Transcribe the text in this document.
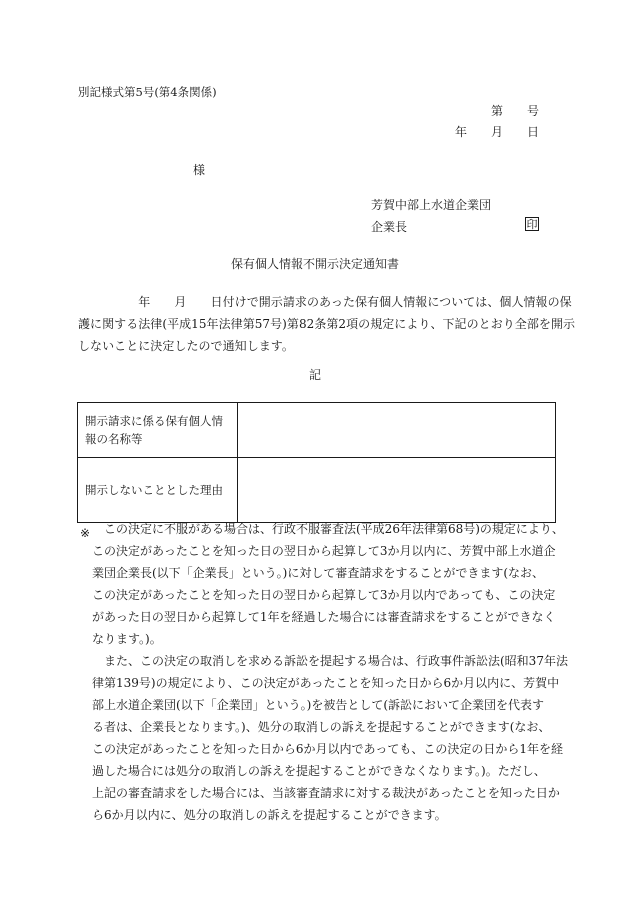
別記様式第5号(第4条関係)
第　　号
年　　月　　日
様
芳賀中部上水道企業団
企業長	印
保有個人情報不開示決定通知書
　　　　　年　　月　　日付けで開示請求のあった保有個人情報については、個人情報の保
護に関する法律(平成15年法律第57号)第82条第2項の規定により、下記のとおり全部を開示
しないことに決定したので通知します。
記
開示請求に係る保有個人情
報の名称等	

開示しないこととした理由	
※	この決定に不服がある場合は、行政不服審査法(平成26年法律第68号)の規定により、
この決定があったことを知った日の翌日から起算して3か月以内に、芳賀中部上水道企
業団企業長(以下「企業長」という。)に対して審査請求をすることができます(なお、
この決定があったことを知った日の翌日から起算して3か月以内であっても、この決定
があった日の翌日から起算して1年を経過した場合には審査請求をすることができなく
なります。)。
また、この決定の取消しを求める訴訟を提起する場合は、行政事件訴訟法(昭和37年法
律第139号)の規定により、この決定があったことを知った日から6か月以内に、芳賀中
部上水道企業団(以下「企業団」という。)を被告として(訴訟において企業団を代表す
る者は、企業長となります。)、処分の取消しの訴えを提起することができます(なお、
この決定があったことを知った日から6か月以内であっても、この決定の日から1年を経
過した場合には処分の取消しの訴えを提起することができなくなります。)。ただし、
上記の審査請求をした場合には、当該審査請求に対する裁決があったことを知った日か
ら6か月以内に、処分の取消しの訴えを提起することができます。
